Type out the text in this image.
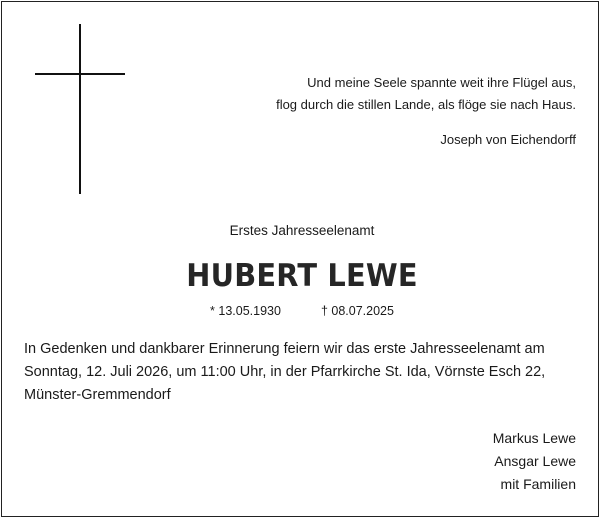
Und meine Seele spannte weit ihre Flügel aus,
flog durch die stillen Lande, als flöge sie nach Haus.
Joseph von Eichendorff
Erstes Jahresseelenamt
HUBERT LEWE
* 13.05.1930	† 08.07.2025
In Gedenken und dankbarer Erinnerung feiern wir das erste Jahresseelenamt am
Sonntag, 12. Juli 2026, um 11:00 Uhr, in der Pfarrkirche St. Ida, Vörnste Esch 22,
Münster-Gremmendorf
Markus Lewe
Ansgar Lewe
mit Familien
